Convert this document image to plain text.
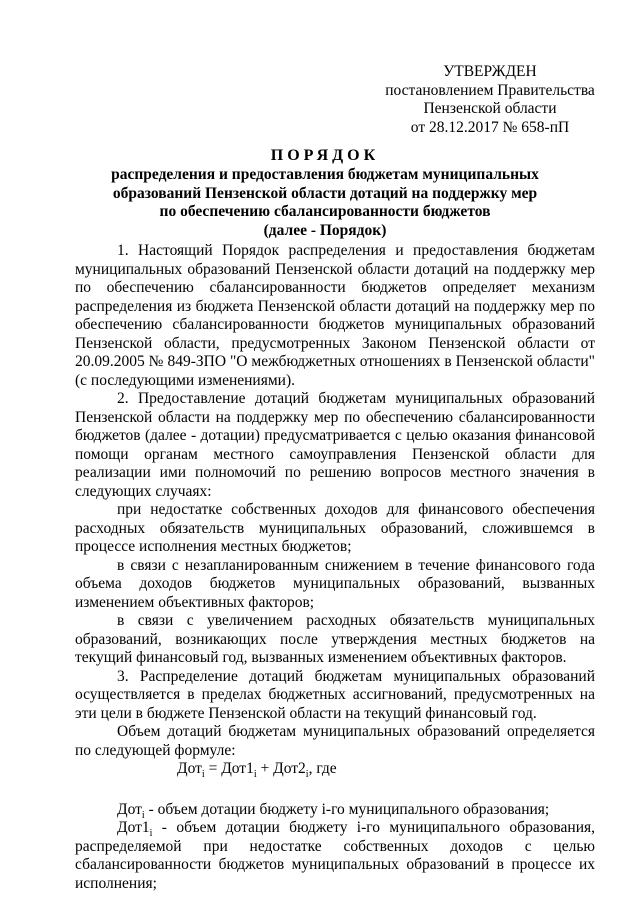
УТВЕРЖДЕН
постановлением Правительства
Пензенской области
от 28.12.2017 № 658-пП
ПОРЯДОК
распределения и предоставления бюджетам муниципальных
образований Пензенской области дотаций на поддержку мер
по обеспечению сбалансированности бюджетов
(далее - Порядок)

1. Настоящий Порядок распределения и предоставления бюджетам муниципальных образований Пензенской области дотаций на поддержку мер по обеспечению сбалансированности бюджетов определяет механизм распределения из бюджета Пензенской области дотаций на поддержку мер по обеспечению сбалансированности бюджетов муниципальных образований Пензенской области, предусмотренных Законом Пензенской области от 20.09.2005 № 849-ЗПО "О межбюджетных отношениях в Пензенской области" (с последующими изменениями).

2. Предоставление дотаций бюджетам муниципальных образований Пензенской области на поддержку мер по обеспечению сбалансированности бюджетов (далее - дотации) предусматривается с целью оказания финансовой помощи органам местного самоуправления Пензенской области для реализации ими полномочий по решению вопросов местного значения в следующих случаях:

при недостатке собственных доходов для финансового обеспечения расходных обязательств муниципальных образований, сложившемся в процессе исполнения местных бюджетов;

в связи с незапланированным снижением в течение финансового года объема доходов бюджетов муниципальных образований, вызванных изменением объективных факторов;

в связи с увеличением расходных обязательств муниципальных образований, возникающих после утверждения местных бюджетов на текущий финансовый год, вызванных изменением объективных факторов.

3. Распределение дотаций бюджетам муниципальных образований осуществляется в пределах бюджетных ассигнований, предусмотренных на эти цели в бюджете Пензенской области на текущий финансовый год.

Объем дотаций бюджетам муниципальных образований определяется по следующей формуле:

$Дот_i = Дот1_i + Дот2_i$, где

Дот$_i$ - объем дотации бюджету i-го муниципального образования;

$Дот1_i$ - объем дотации бюджету i-го муниципального образования, распределяемой при недостатке собственных доходов с целью сбалансированности бюджетов муниципальных образований в процессе их исполнения;
